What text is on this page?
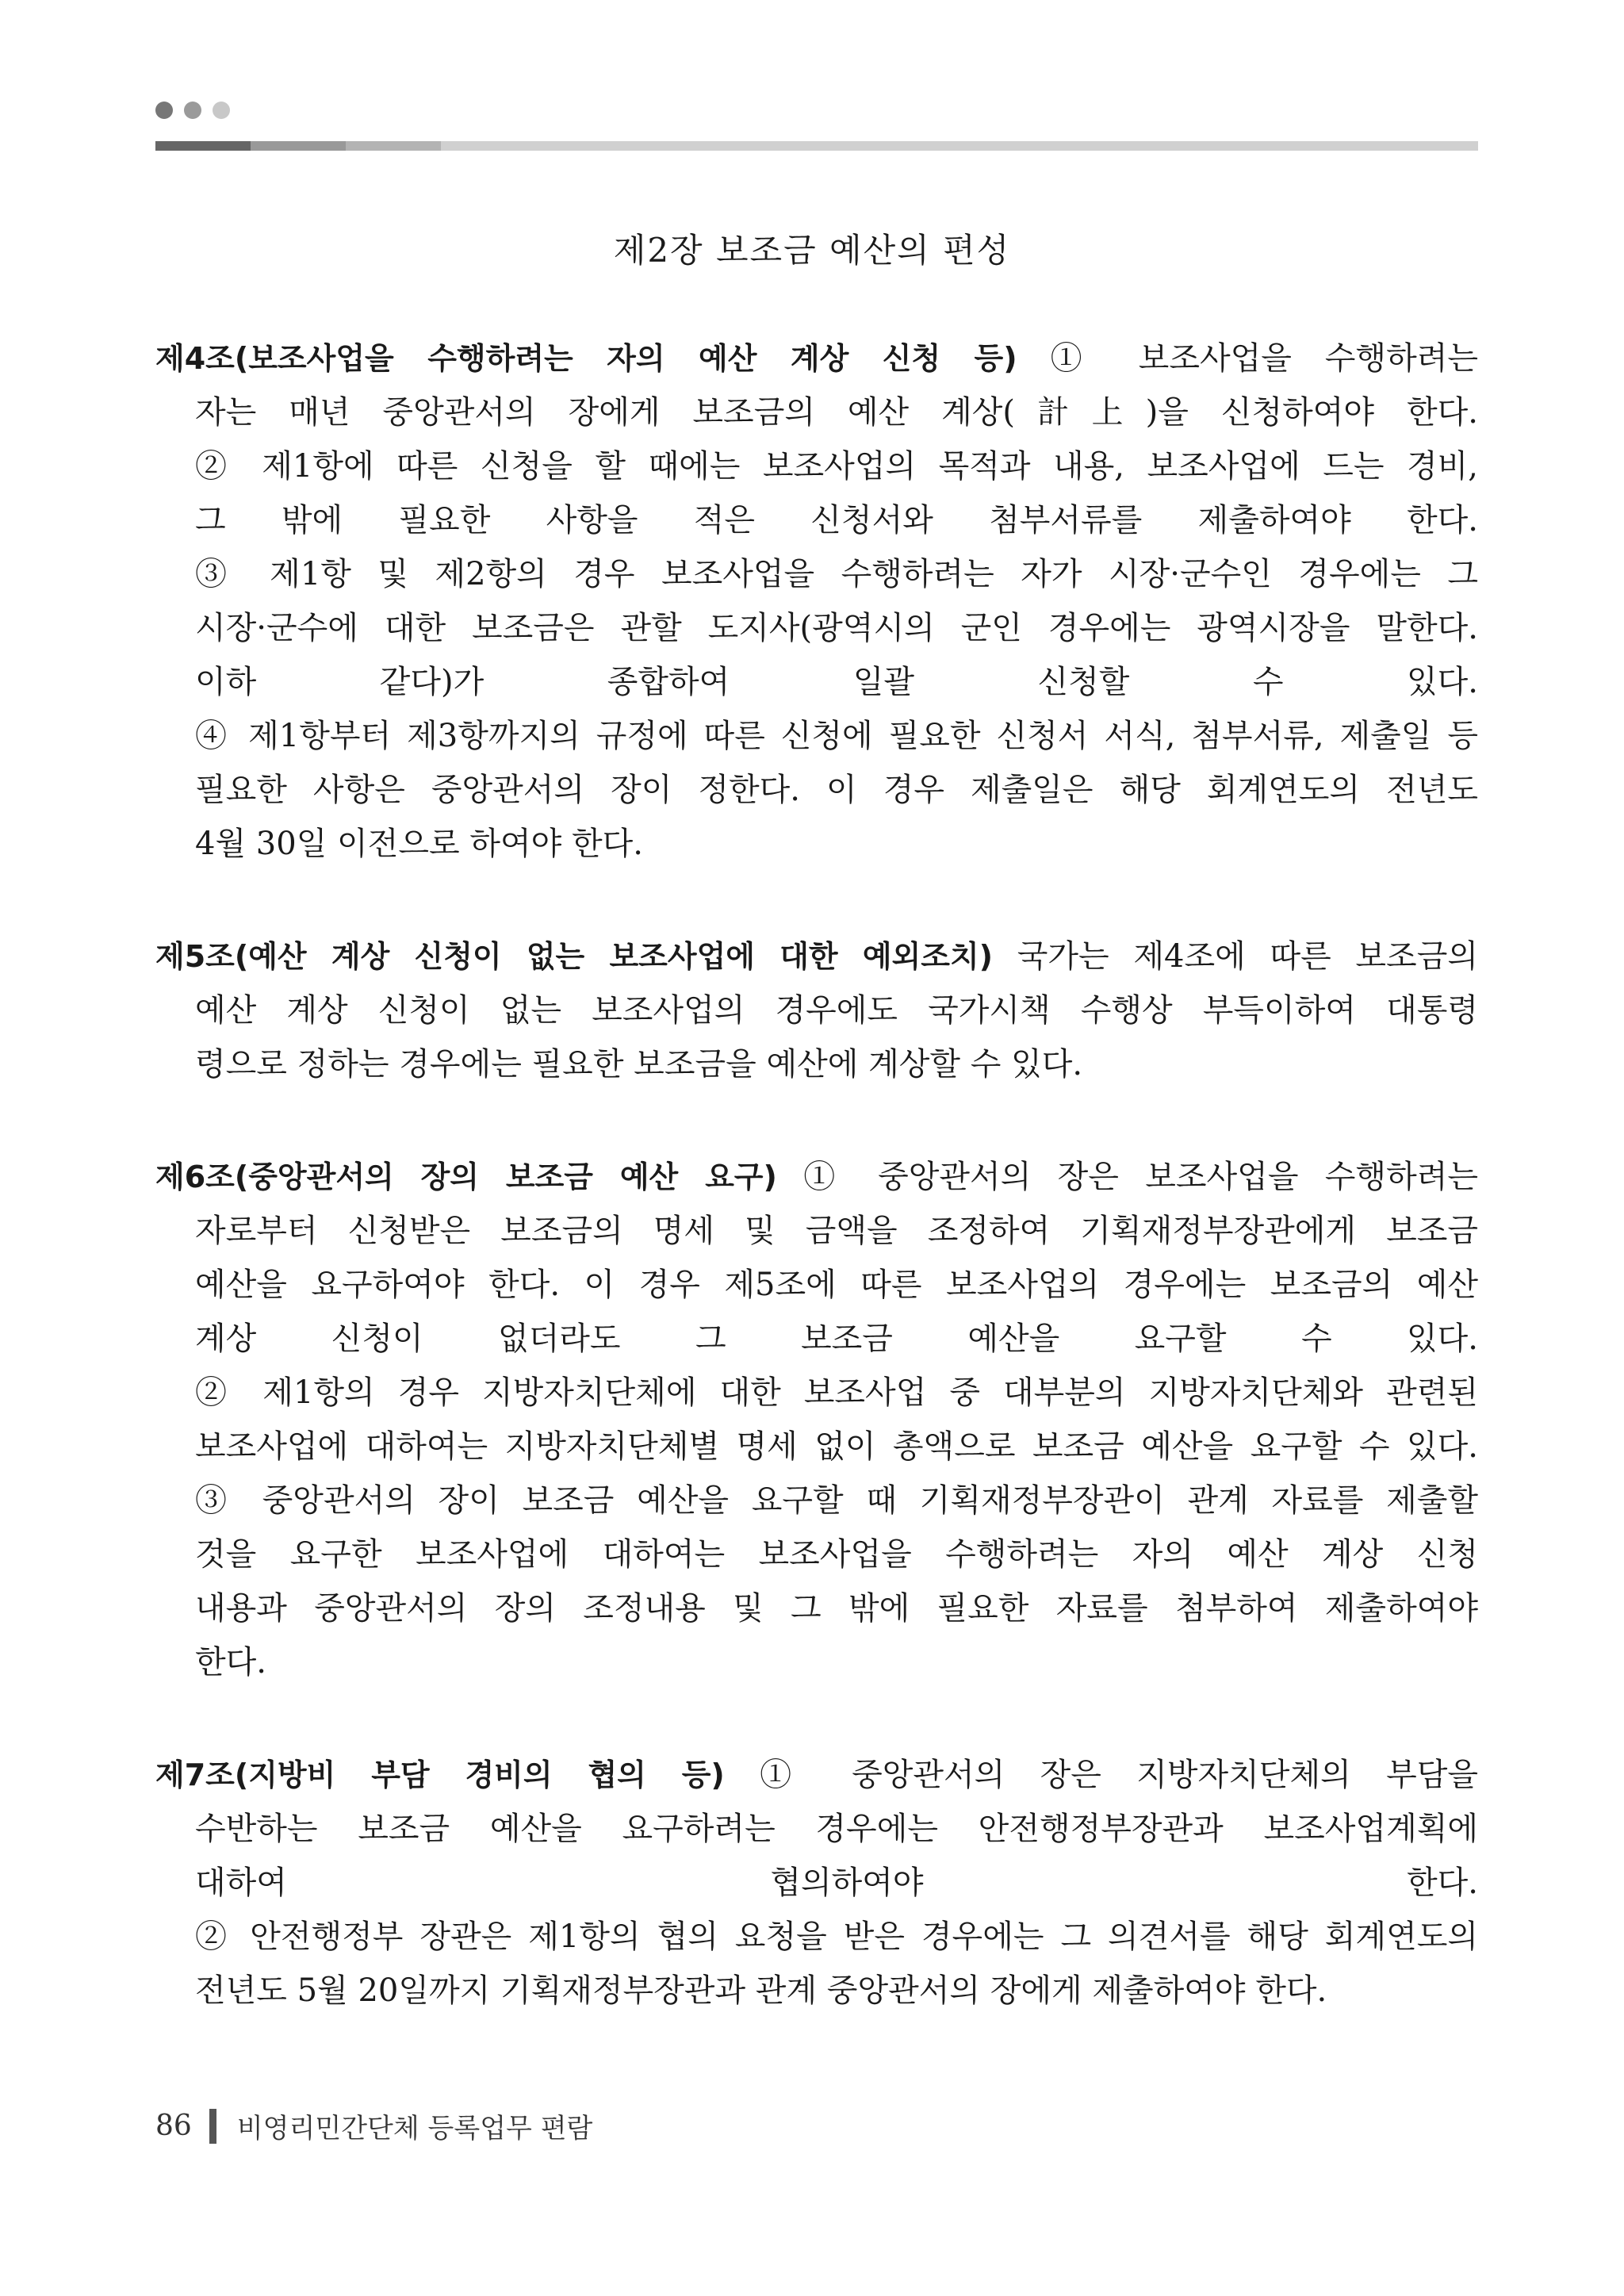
제2장 보조금 예산의 편성
제4조(보조사업을 수행하려는 자의 예산 계상 신청 등) ① 보조사업을 수행하려는
자는 매년 중앙관서의 장에게 보조금의 예산 계상(計上)을 신청하여야 한다.
② 제1항에 따른 신청을 할 때에는 보조사업의 목적과 내용, 보조사업에 드는 경비,
그 밖에 필요한 사항을 적은 신청서와 첨부서류를 제출하여야 한다.
③ 제1항 및 제2항의 경우 보조사업을 수행하려는 자가 시장·군수인 경우에는 그
시장·군수에 대한 보조금은 관할 도지사(광역시의 군인 경우에는 광역시장을 말한다.
이하 같다)가 종합하여 일괄 신청할 수 있다.
④ 제1항부터 제3항까지의 규정에 따른 신청에 필요한 신청서 서식, 첨부서류, 제출일 등
필요한 사항은 중앙관서의 장이 정한다. 이 경우 제출일은 해당 회계연도의 전년도
4월 30일 이전으로 하여야 한다.
제5조(예산 계상 신청이 없는 보조사업에 대한 예외조치) 국가는 제4조에 따른 보조금의
예산 계상 신청이 없는 보조사업의 경우에도 국가시책 수행상 부득이하여 대통령
령으로 정하는 경우에는 필요한 보조금을 예산에 계상할 수 있다.
제6조(중앙관서의 장의 보조금 예산 요구) ① 중앙관서의 장은 보조사업을 수행하려는
자로부터 신청받은 보조금의 명세 및 금액을 조정하여 기획재정부장관에게 보조금
예산을 요구하여야 한다. 이 경우 제5조에 따른 보조사업의 경우에는 보조금의 예산
계상 신청이 없더라도 그 보조금 예산을 요구할 수 있다.
② 제1항의 경우 지방자치단체에 대한 보조사업 중 대부분의 지방자치단체와 관련된
보조사업에 대하여는 지방자치단체별 명세 없이 총액으로 보조금 예산을 요구할 수 있다.
③ 중앙관서의 장이 보조금 예산을 요구할 때 기획재정부장관이 관계 자료를 제출할
것을 요구한 보조사업에 대하여는 보조사업을 수행하려는 자의 예산 계상 신청
내용과 중앙관서의 장의 조정내용 및 그 밖에 필요한 자료를 첨부하여 제출하여야
한다.
제7조(지방비 부담 경비의 협의 등) ① 중앙관서의 장은 지방자치단체의 부담을
수반하는 보조금 예산을 요구하려는 경우에는 안전행정부장관과 보조사업계획에
대하여 협의하여야 한다.
② 안전행정부 장관은 제1항의 협의 요청을 받은 경우에는 그 의견서를 해당 회계연도의
전년도 5월 20일까지 기획재정부장관과 관계 중앙관서의 장에게 제출하여야 한다.
86 비영리민간단체 등록업무 편람
